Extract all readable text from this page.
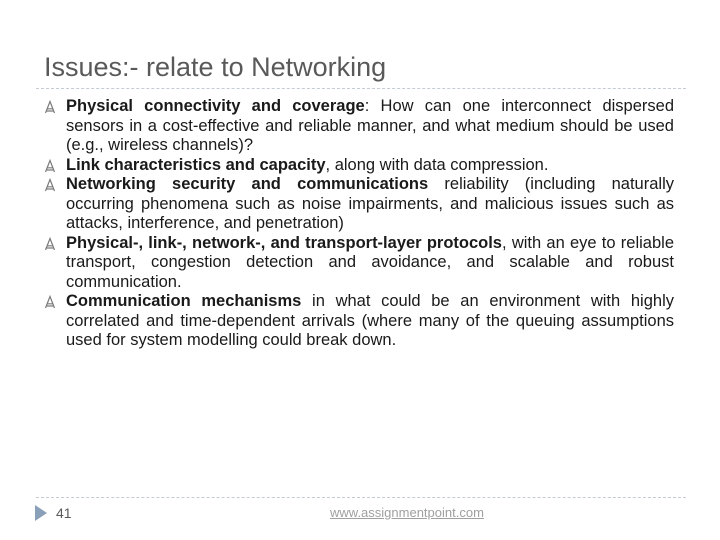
Issues:- relate to Networking
Physical connectivity and coverage: How can one interconnect dispersed sensors in a cost-effective and reliable manner, and what medium should be used (e.g., wireless channels)?
Link characteristics and capacity, along with data compression.
Networking security and communications reliability (including naturally occurring phenomena such as noise impairments, and malicious issues such as attacks, interference, and penetration)
Physical-, link-, network-, and transport-layer protocols, with an eye to reliable transport, congestion detection and avoidance, and scalable and robust communication.
Communication mechanisms in what could be an environment with highly correlated and time-dependent arrivals (where many of the queuing assumptions used for system modelling could break down.
41	www.assignmentpoint.com
